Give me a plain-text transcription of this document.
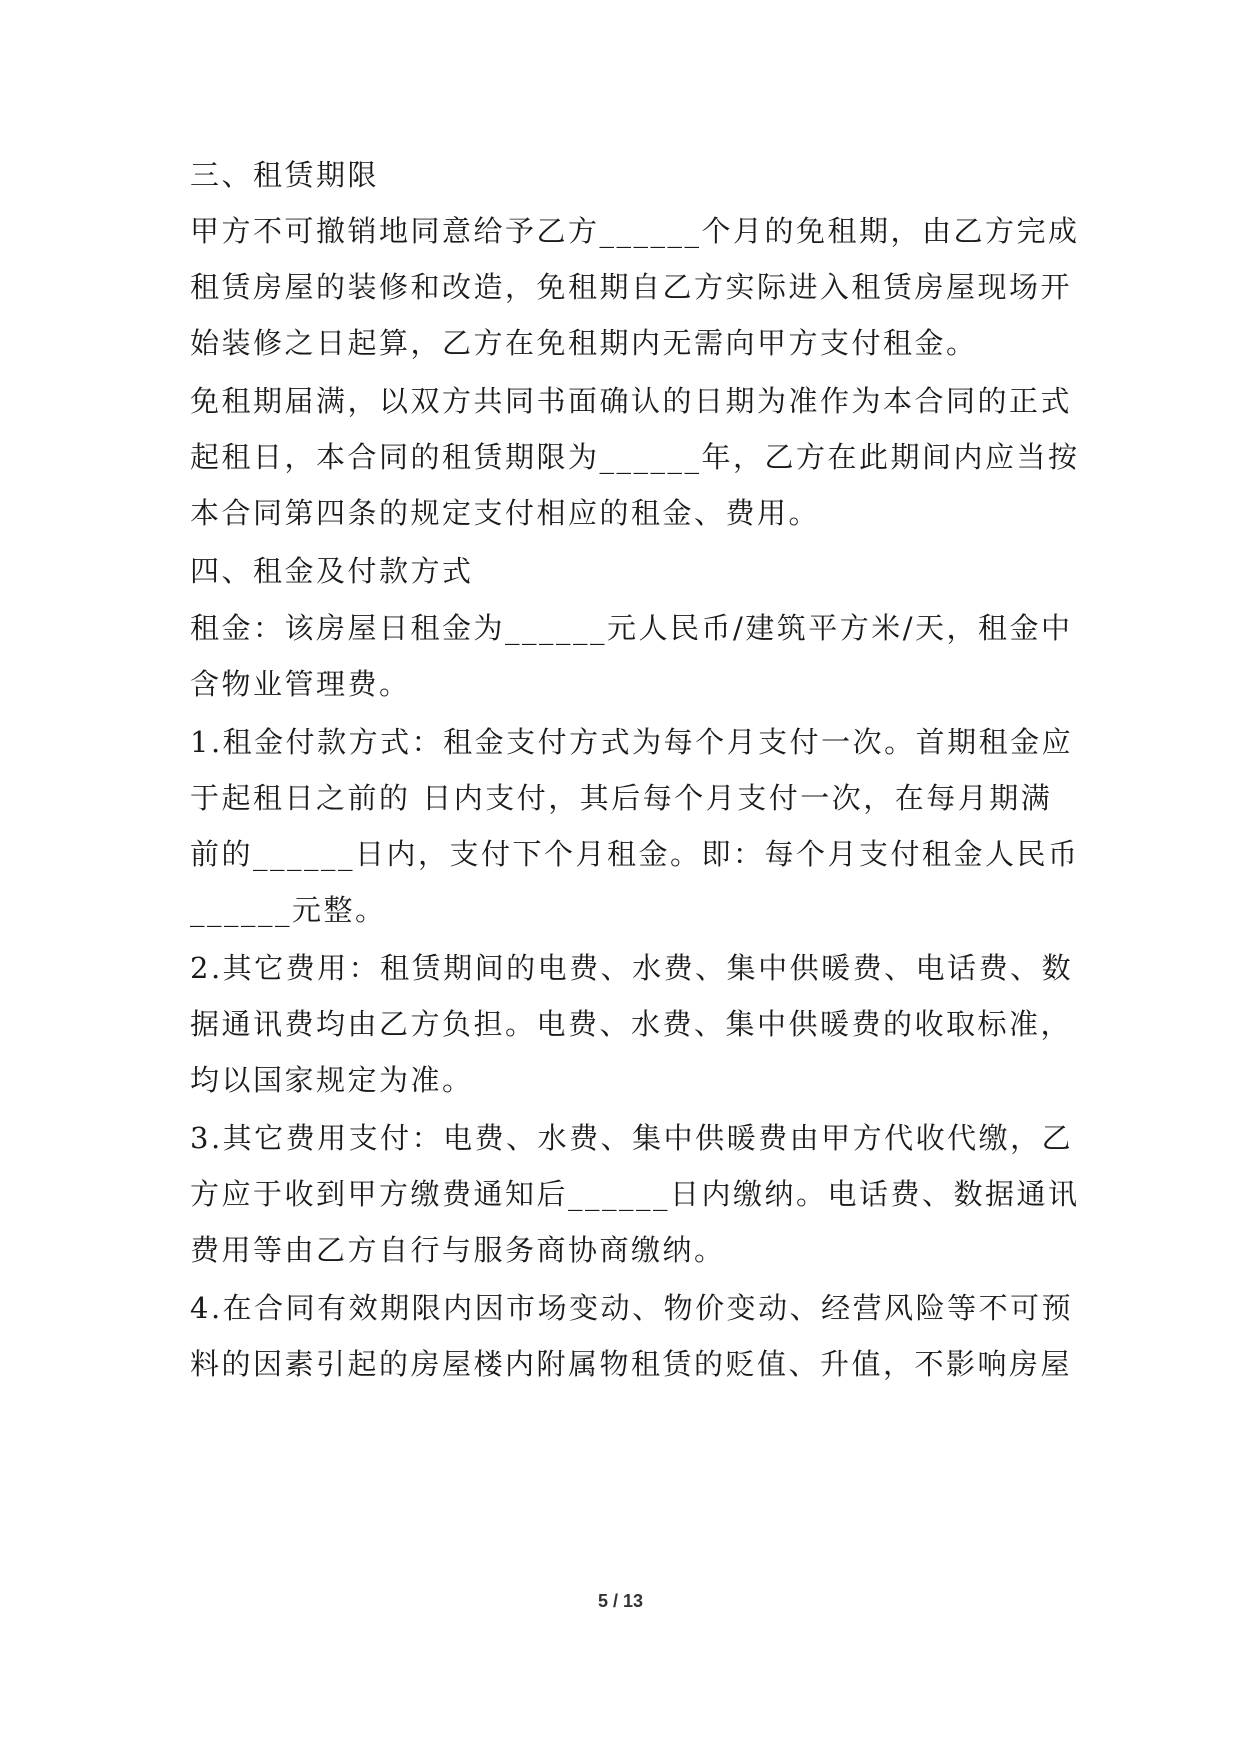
三、租赁期限
甲方不可撤销地同意给予乙方______个月的免租期，由乙方完成
租赁房屋的装修和改造，免租期自乙方实际进入租赁房屋现场开
始装修之日起算，乙方在免租期内无需向甲方支付租金。
免租期届满，以双方共同书面确认的日期为准作为本合同的正式
起租日，本合同的租赁期限为______年，乙方在此期间内应当按
本合同第四条的规定支付相应的租金、费用。
四、租金及付款方式
租金：该房屋日租金为______元人民币/建筑平方米/天，租金中
含物业管理费。
1.租金付款方式：租金支付方式为每个月支付一次。首期租金应
于起租日之前的 日内支付，其后每个月支付一次，在每月期满
前的______日内，支付下个月租金。即：每个月支付租金人民币
______元整。
2.其它费用：租赁期间的电费、水费、集中供暖费、电话费、数
据通讯费均由乙方负担。电费、水费、集中供暖费的收取标准，
均以国家规定为准。
3.其它费用支付：电费、水费、集中供暖费由甲方代收代缴，乙
方应于收到甲方缴费通知后______日内缴纳。电话费、数据通讯
费用等由乙方自行与服务商协商缴纳。
4.在合同有效期限内因市场变动、物价变动、经营风险等不可预
料的因素引起的房屋楼内附属物租赁的贬值、升值，不影响房屋
5 / 13
